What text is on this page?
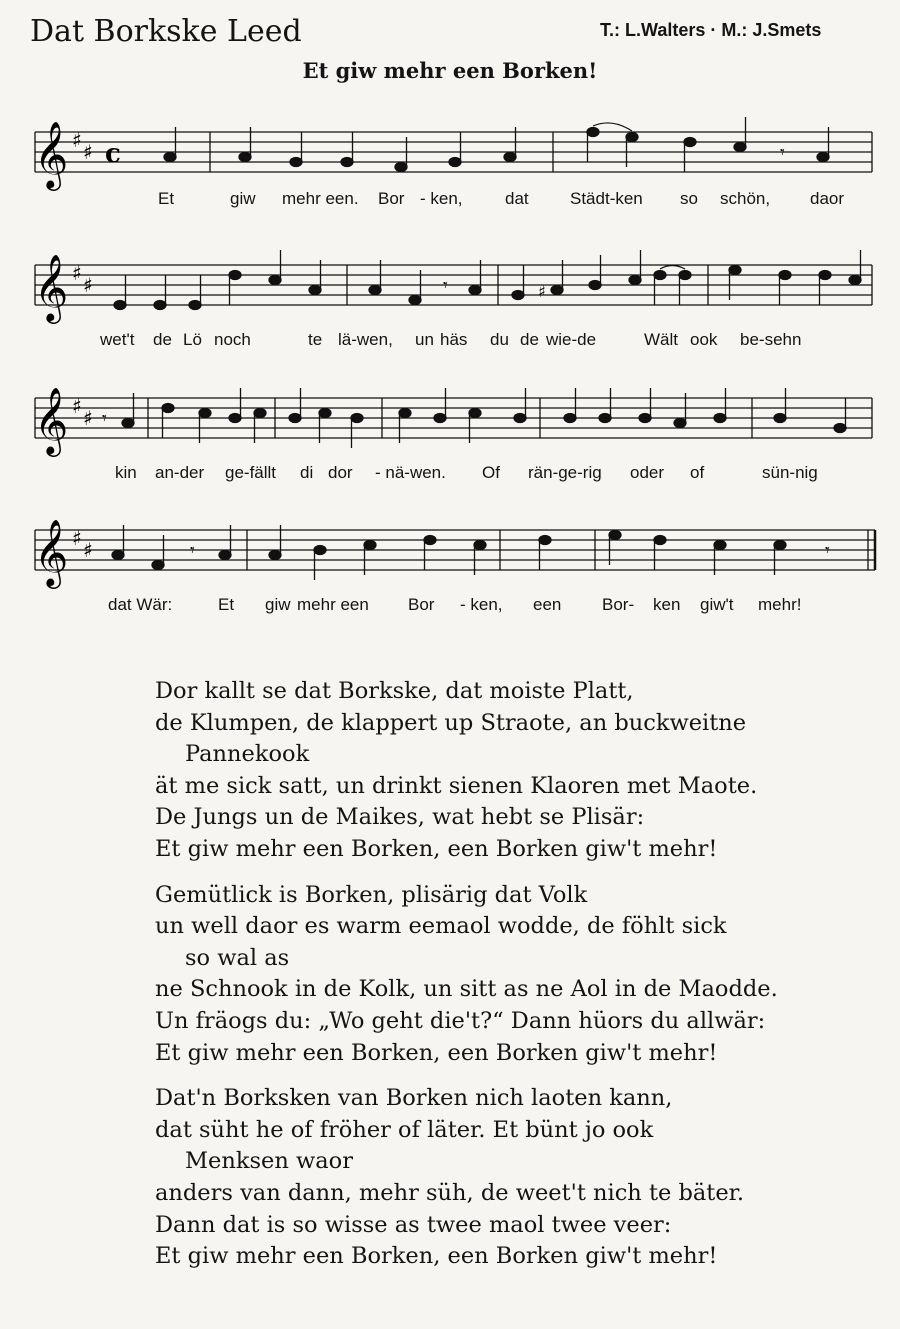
Dat Borkske Leed	T.: L.Walters · M.: J.Smets
Et giw mehr een Borken!
𝄞 ♯ ♯ c	𝄾
𝄞 ♯ ♯	𝄾	♯
𝄞 ♯ ♯ 𝄾
𝄞 ♯ ♯	𝄾	𝄾
Et	giw mehr een. Bor - ken, dat Städt-ken so schön, daor
wet't de Lö noch	te lä-wen, un häs du de wie-de	Wält ook be-sehn
kin an-der ge-fällt di dor - nä-wen. Of rän-ge-rig oder of	sün-nig
dat Wär:	Et giw mehr een Bor - ken, een Bor- ken giw't mehr!
Dor kallt se dat Borkske, dat moiste Platt,
de Klumpen, de klappert up Straote, an buckweitne
Pannekook
ät me sick satt, un drinkt sienen Klaoren met Maote.
De Jungs un de Maikes, wat hebt se Plisär:
Et giw mehr een Borken, een Borken giw't mehr!
Gemütlick is Borken, plisärig dat Volk
un well daor es warm eemaol wodde, de föhlt sick
so wal as
ne Schnook in de Kolk, un sitt as ne Aol in de Maodde.
Un fräogs du: „Wo geht die't?“ Dann hüors du allwär:
Et giw mehr een Borken, een Borken giw't mehr!
Dat'n Borksken van Borken nich laoten kann,
dat süht he of fröher of läter. Et bünt jo ook
Menksen waor
anders van dann, mehr süh, de weet't nich te bäter.
Dann dat is so wisse as twee maol twee veer:
Et giw mehr een Borken, een Borken giw't mehr!
